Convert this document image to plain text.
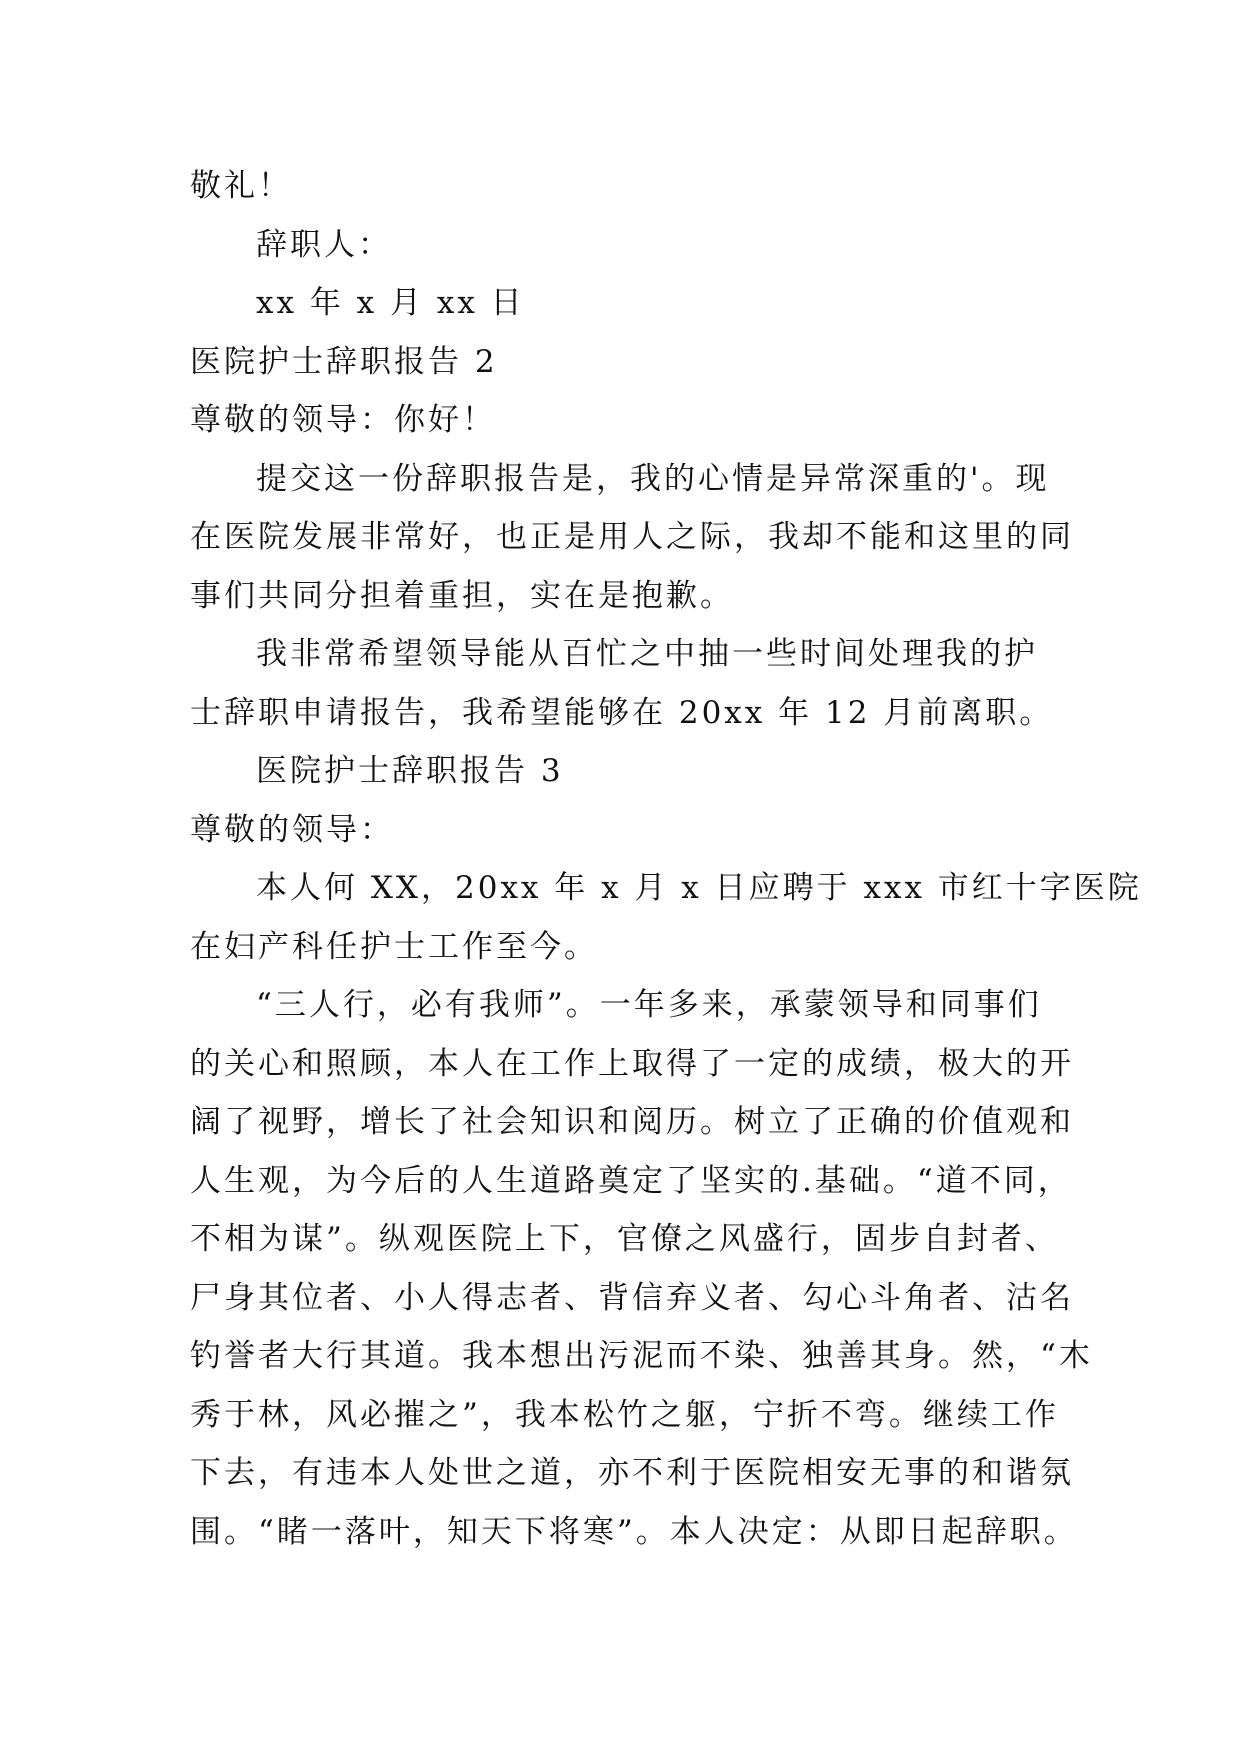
敬礼！

辞职人：

xx 年 x 月 xx 日

医院护士辞职报告 2

尊敬的领导：你好！

提交这一份辞职报告是，我的心情是异常深重的'。现

在医院发展非常好，也正是用人之际，我却不能和这里的同

事们共同分担着重担，实在是抱歉。

我非常希望领导能从百忙之中抽一些时间处理我的护

士辞职申请报告，我希望能够在 20xx 年 12 月前离职。

医院护士辞职报告 3

尊敬的领导：

本人何 XX，20xx 年 x 月 x 日应聘于 xxx 市红十字医院

在妇产科任护士工作至今。

“三人行，必有我师”。一年多来，承蒙领导和同事们

的关心和照顾，本人在工作上取得了一定的成绩，极大的开

阔了视野，增长了社会知识和阅历。树立了正确的价值观和

人生观，为今后的人生道路奠定了坚实的.基础。“道不同，

不相为谋”。纵观医院上下，官僚之风盛行，固步自封者、

尸身其位者、小人得志者、背信弃义者、勾心斗角者、沽名

钓誉者大行其道。我本想出污泥而不染、独善其身。然，“木

秀于林，风必摧之”，我本松竹之躯，宁折不弯。继续工作

下去，有违本人处世之道，亦不利于医院相安无事的和谐氛

围。“睹一落叶，知天下将寒”。本人决定：从即日起辞职。
